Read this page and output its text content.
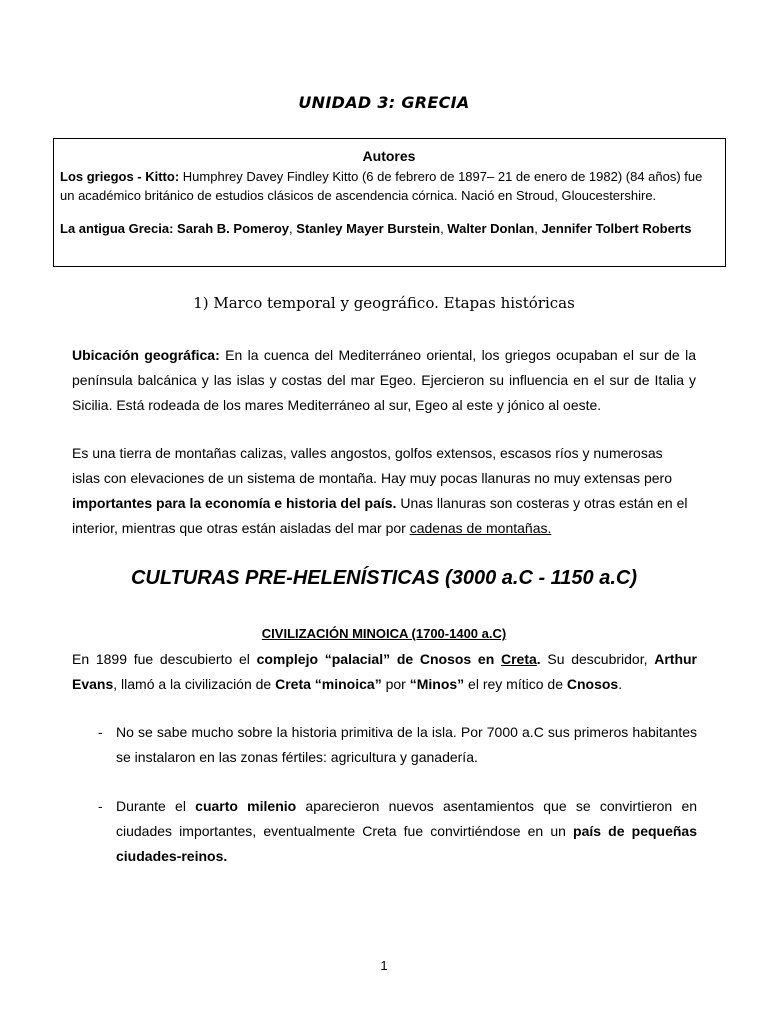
UNIDAD 3: GRECIA
Autores

Los griegos - Kitto: Humphrey Davey Findley Kitto (6 de febrero de 1897– 21 de enero de 1982) (84 años) fue un académico británico de estudios clásicos de ascendencia córnica. Nació en Stroud, Gloucestershire.

La antigua Grecia: Sarah B. Pomeroy, Stanley Mayer Burstein, Walter Donlan, Jennifer Tolbert Roberts

1) Marco temporal y geográfico. Etapas históricas

Ubicación geográfica: En la cuenca del Mediterráneo oriental, los griegos ocupaban el sur de la península balcánica y las islas y costas del mar Egeo. Ejercieron su influencia en el sur de Italia y Sicilia. Está rodeada de los mares Mediterráneo al sur, Egeo al este y jónico al oeste.

Es una tierra de montañas calizas, valles angostos, golfos extensos, escasos ríos y numerosas islas con elevaciones de un sistema de montaña. Hay muy pocas llanuras no muy extensas pero importantes para la economía e historia del país. Unas llanuras son costeras y otras están en el interior, mientras que otras están aisladas del mar por cadenas de montañas.

CULTURAS PRE-HELENÍSTICAS (3000 a.C - 1150 a.C)
CIVILIZACIÓN MINOICA (1700-1400 a.C)

En 1899 fue descubierto el complejo “palacial” de Cnosos en Creta. Su descubridor, Arthur Evans, llamó a la civilización de Creta “minoica” por “Minos” el rey mítico de Cnosos.

- No se sabe mucho sobre la historia primitiva de la isla. Por 7000 a.C sus primeros habitantes se instalaron en las zonas fértiles: agricultura y ganadería.
- Durante el cuarto milenio aparecieron nuevos asentamientos que se convirtieron en ciudades importantes, eventualmente Creta fue convirtiéndose en un país de pequeñas ciudades-reinos.
1
